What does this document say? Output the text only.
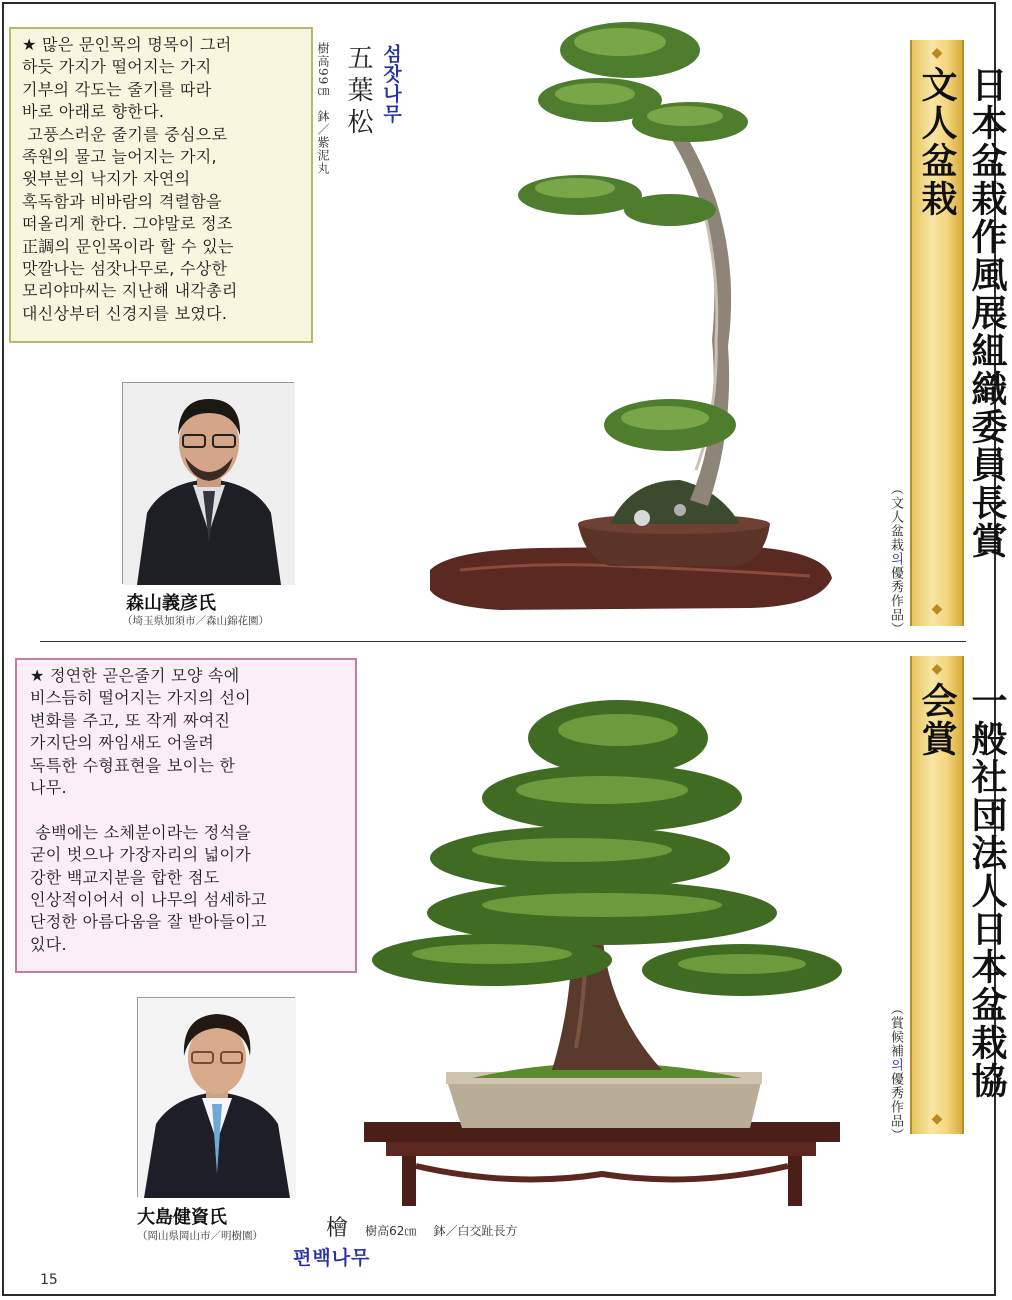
★ 많은 문인목의 명목이 그러
하듯 가지가 떨어지는 가지
기부의 각도는 줄기를 따라
바로 아래로 향한다.
고풍스러운 줄기를 중심으로
족원의 물고 늘어지는 가지,
윗부분의 낙지가 자연의
혹독함과 비바람의 격렬함을
떠올리게 한다. 그야말로 정조
正調의 문인목이라 할 수 있는
맛깔나는 섬잣나무로, 수상한
모리야마씨는 지난해 내각총리
대신상부터 신경지를 보였다.
樹高99㎝
鉢／紫泥丸
五葉松 섬잣나무
森山義彦氏
（埼玉県加須市／森山錦花園）
◆
日本盆栽作風展組織委員長賞　文人盆栽
◆
（文人盆栽의優秀作品）
★ 정연한 곧은줄기 모양 속에
비스듬히 떨어지는 가지의 선이
변화를 주고, 또 작게 짜여진
가지단의 짜임새도 어울려
독특한 수형표현을 보이는 한
나무.

송백에는 소체분이라는 정석을
굳이 벗으나 가장자리의 넓이가
강한 백교지분을 합한 점도
인상적이어서 이 나무의 섬세하고
단정한 아름다움을 잘 받아들이고
있다.
大島健資氏
（岡山県岡山市／明樹園）	檜 樹高62㎝ 鉢／白交趾長方
편백나무
◆
一般社団法人日本盆栽協会賞
◆
（賞候補의優秀作品）
15
